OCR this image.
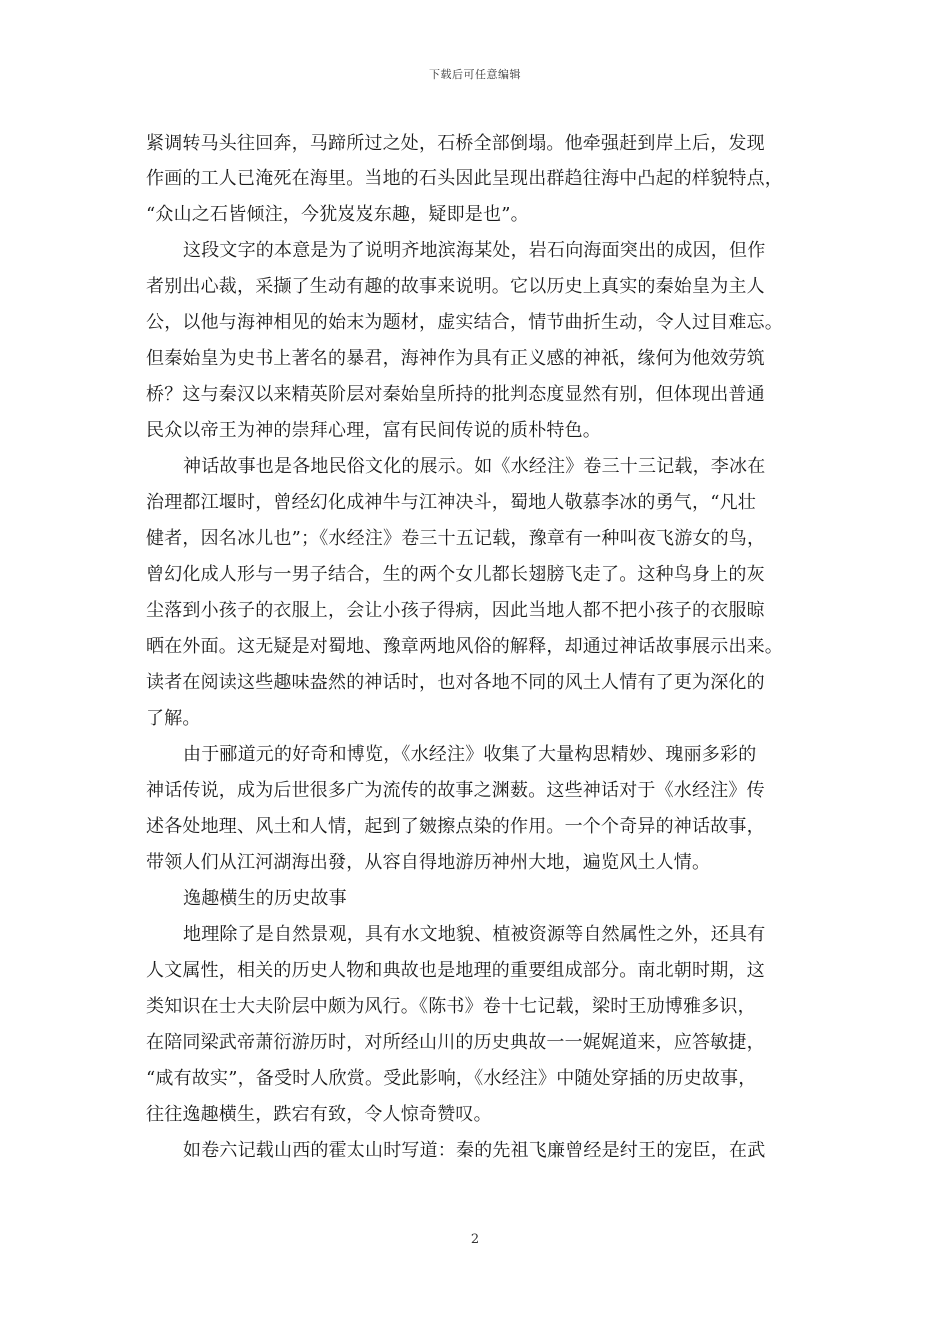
下载后可任意编辑
紧调转马头往回奔，马蹄所过之处，石桥全部倒塌。他牵强赶到岸上后，发现
作画的工人已淹死在海里。当地的石头因此呈现出群趋往海中凸起的样貌特点，
“众山之石皆倾注，今犹岌岌东趣，疑即是也”。
这段文字的本意是为了说明齐地滨海某处，岩石向海面突出的成因，但作
者别出心裁，采撷了生动有趣的故事来说明。它以历史上真实的秦始皇为主人
公，以他与海神相见的始末为题材，虚实结合，情节曲折生动，令人过目难忘。
但秦始皇为史书上著名的暴君，海神作为具有正义感的神祇，缘何为他效劳筑
桥？这与秦汉以来精英阶层对秦始皇所持的批判态度显然有别，但体现出普通
民众以帝王为神的崇拜心理，富有民间传说的质朴特色。
神话故事也是各地民俗文化的展示。如《水经注》卷三十三记载，李冰在
治理都江堰时，曾经幻化成神牛与江神决斗，蜀地人敬慕李冰的勇气，“凡壮
健者，因名冰儿也”；《水经注》卷三十五记载，豫章有一种叫夜飞游女的鸟，
曾幻化成人形与一男子结合，生的两个女儿都长翅膀飞走了。这种鸟身上的灰
尘落到小孩子的衣服上，会让小孩子得病，因此当地人都不把小孩子的衣服晾
晒在外面。这无疑是对蜀地、豫章两地风俗的解释，却通过神话故事展示出来。
读者在阅读这些趣味盎然的神话时，也对各地不同的风土人情有了更为深化的
了解。
由于郦道元的好奇和博览，《水经注》收集了大量构思精妙、瑰丽多彩的
神话传说，成为后世很多广为流传的故事之渊薮。这些神话对于《水经注》传
述各处地理、风土和人情，起到了皴擦点染的作用。一个个奇异的神话故事，
带领人们从江河湖海出發，从容自得地游历神州大地，遍览风土人情。
逸趣横生的历史故事
地理除了是自然景观，具有水文地貌、植被资源等自然属性之外，还具有
人文属性，相关的历史人物和典故也是地理的重要组成部分。南北朝时期，这
类知识在士大夫阶层中颇为风行。《陈书》卷十七记载，梁时王劢博雅多识，
在陪同梁武帝萧衍游历时，对所经山川的历史典故一一娓娓道来，应答敏捷，
“咸有故实”，备受时人欣赏。受此影响，《水经注》中随处穿插的历史故事，
往往逸趣横生，跌宕有致，令人惊奇赞叹。
如卷六记载山西的霍太山时写道：秦的先祖飞廉曾经是纣王的宠臣，在武
2
